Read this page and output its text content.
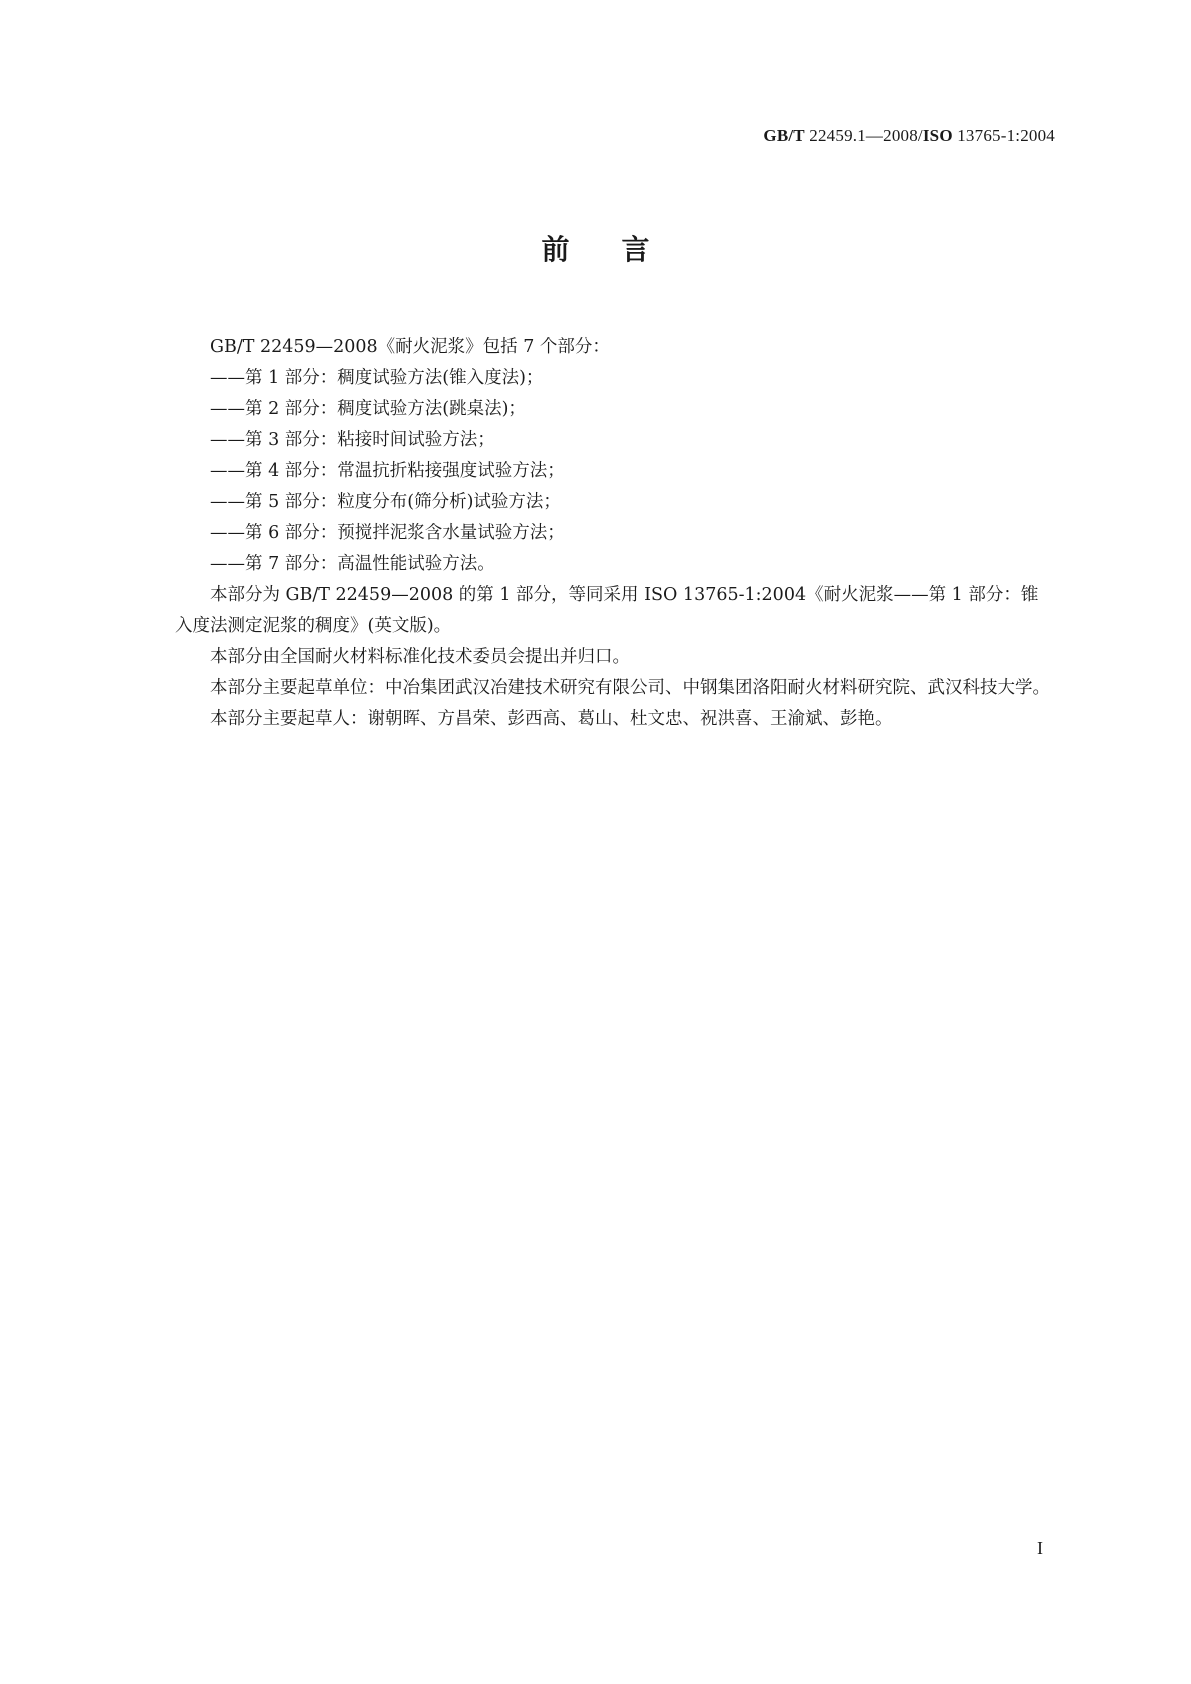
GB/T 22459.1—2008/ISO 13765-1:2004
前言

GB/T 22459—2008《耐火泥浆》包括 7 个部分：

——第 1 部分：稠度试验方法(锥入度法)；

——第 2 部分：稠度试验方法(跳桌法)；

——第 3 部分：粘接时间试验方法；

——第 4 部分：常温抗折粘接强度试验方法；

——第 5 部分：粒度分布(筛分析)试验方法；

——第 6 部分：预搅拌泥浆含水量试验方法；

——第 7 部分：高温性能试验方法。

本部分为 GB/T 22459—2008 的第 1 部分，等同采用 ISO 13765-1:2004《耐火泥浆——第 1 部分：锥入度法测定泥浆的稠度》(英文版)。

本部分由全国耐火材料标准化技术委员会提出并归口。

本部分主要起草单位：中冶集团武汉冶建技术研究有限公司、中钢集团洛阳耐火材料研究院、武汉科技大学。

本部分主要起草人：谢朝晖、方昌荣、彭西高、葛山、杜文忠、祝洪喜、王渝斌、彭艳。

I
